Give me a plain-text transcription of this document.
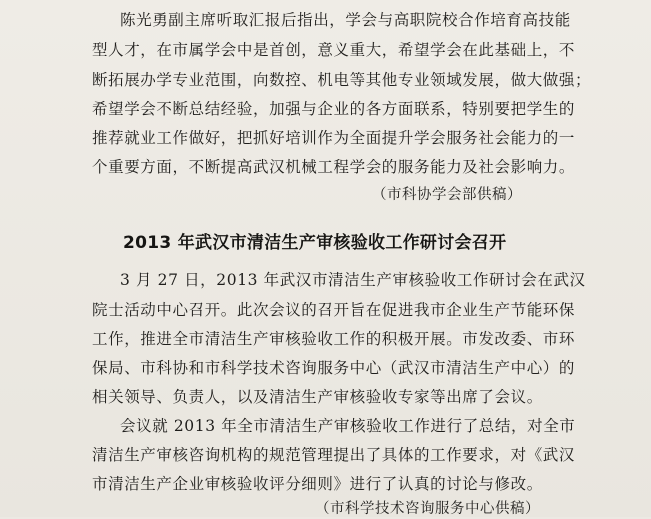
陈光勇副主席听取汇报后指出，学会与高职院校合作培育高技能
型人才，在市属学会中是首创，意义重大，希望学会在此基础上，不
断拓展办学专业范围，向数控、机电等其他专业领域发展，做大做强；
希望学会不断总结经验，加强与企业的各方面联系，特别要把学生的
推荐就业工作做好，把抓好培训作为全面提升学会服务社会能力的一
个重要方面，不断提高武汉机械工程学会的服务能力及社会影响力。
（市科协学会部供稿）
2013 年武汉市清洁生产审核验收工作研讨会召开
3 月 27 日，2013 年武汉市清洁生产审核验收工作研讨会在武汉
院士活动中心召开。此次会议的召开旨在促进我市企业生产节能环保
工作，推进全市清洁生产审核验收工作的积极开展。市发改委、市环
保局、市科协和市科学技术咨询服务中心（武汉市清洁生产中心）的
相关领导、负责人，以及清洁生产审核验收专家等出席了会议。
会议就 2013 年全市清洁生产审核验收工作进行了总结，对全市
清洁生产审核咨询机构的规范管理提出了具体的工作要求，对《武汉
市清洁生产企业审核验收评分细则》进行了认真的讨论与修改。
（市科学技术咨询服务中心供稿）
